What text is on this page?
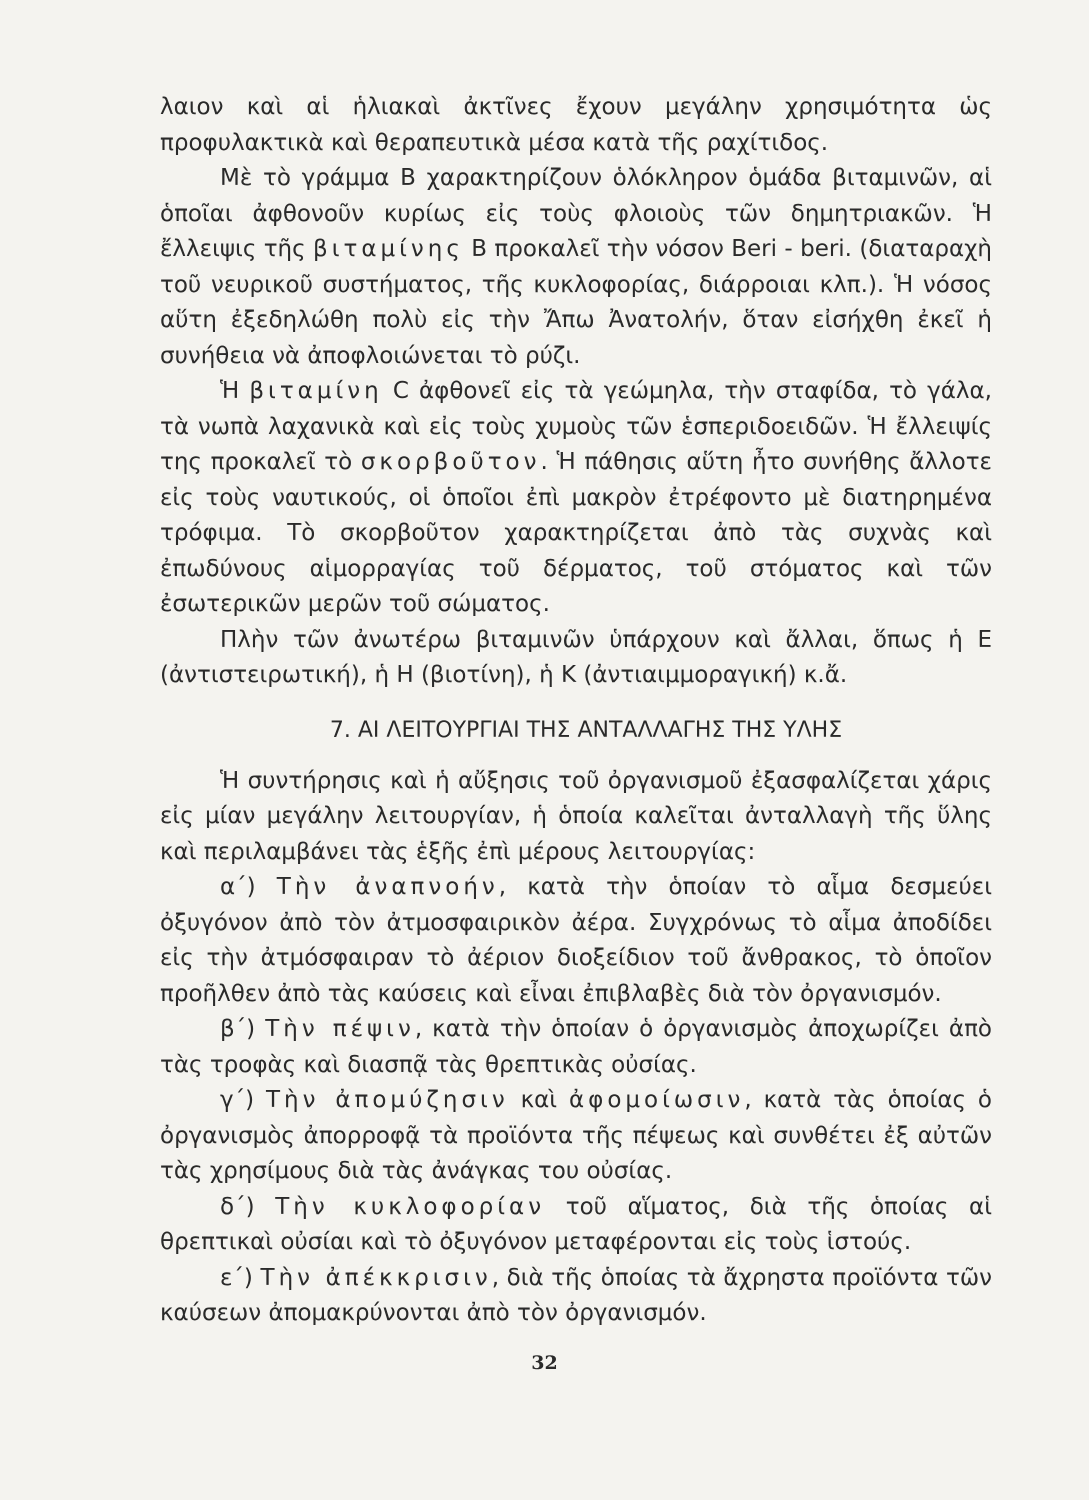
λαιον καὶ αἱ ἡλιακαὶ ἀκτῖνες ἔχουν μεγάλην χρησιμότητα ὡς προφυλακτικὰ καὶ θεραπευτικὰ μέσα κατὰ τῆς ραχίτιδος.

Μὲ τὸ γράμμα Β χαρακτηρίζουν ὁλόκληρον ὁμάδα βιταμινῶν, αἱ ὁποῖαι ἀφθονοῦν κυρίως εἰς τοὺς φλοιοὺς τῶν δημητριακῶν. Ἡ ἔλλειψις τῆς βιταμίνης Β προκαλεῖ τὴν νόσον Beri - beri. (διαταραχὴ τοῦ νευρικοῦ συστήματος, τῆς κυκλοφορίας, διάρροιαι κλπ.). Ἡ νόσος αὕτη ἐξεδηλώθη πολὺ εἰς τὴν Ἄπω Ἀνατολήν, ὅταν εἰσήχθη ἐκεῖ ἡ συνήθεια νὰ ἀποφλοιώνεται τὸ ρύζι.

Ἡ βιταμίνη C ἀφθονεῖ εἰς τὰ γεώμηλα, τὴν σταφίδα, τὸ γάλα, τὰ νωπὰ λαχανικὰ καὶ εἰς τοὺς χυμοὺς τῶν ἑσπεριδοειδῶν. Ἡ ἔλλειψίς της προκαλεῖ τὸ σκορβοῦτον. Ἡ πάθησις αὕτη ἦτο συνήθης ἄλλοτε εἰς τοὺς ναυτικούς, οἱ ὁποῖοι ἐπὶ μακρὸν ἐτρέφοντο μὲ διατηρημένα τρόφιμα. Τὸ σκορβοῦτον χαρακτηρίζεται ἀπὸ τὰς συχνὰς καὶ ἐπωδύνους αἱμορραγίας τοῦ δέρματος, τοῦ στόματος καὶ τῶν ἐσωτερικῶν μερῶν τοῦ σώματος.

Πλὴν τῶν ἀνωτέρω βιταμινῶν ὑπάρχουν καὶ ἄλλαι, ὅπως ἡ Ε (ἀντιστειρωτική), ἡ Η (βιοτίνη), ἡ Κ (ἀντιαιμμοραγική) κ.ἄ.

7. ΑΙ ΛΕΙΤΟΥΡΓΙΑΙ ΤΗΣ ΑΝΤΑΛΛΑΓΗΣ ΤΗΣ ΥΛΗΣ

Ἡ συντήρησις καὶ ἡ αὔξησις τοῦ ὀργανισμοῦ ἐξασφαλίζεται χάρις εἰς μίαν μεγάλην λειτουργίαν, ἡ ὁποία καλεῖται ἀνταλλαγὴ τῆς ὕλης καὶ περιλαμβάνει τὰς ἑξῆς ἐπὶ μέρους λειτουργίας:

α΄) Τὴν ἀναπνοήν, κατὰ τὴν ὁποίαν τὸ αἷμα δεσμεύει ὀξυγόνον ἀπὸ τὸν ἀτμοσφαιρικὸν ἀέρα. Συγχρόνως τὸ αἷμα ἀποδίδει εἰς τὴν ἀτμόσφαιραν τὸ ἀέριον διοξείδιον τοῦ ἄνθρακος, τὸ ὁποῖον προῆλθεν ἀπὸ τὰς καύσεις καὶ εἶναι ἐπιβλαβὲς διὰ τὸν ὀργανισμόν.

β΄) Τὴν πέψιν, κατὰ τὴν ὁποίαν ὁ ὀργανισμὸς ἀποχωρίζει ἀπὸ τὰς τροφὰς καὶ διασπᾷ τὰς θρεπτικὰς οὐσίας.

γ΄) Τὴν ἀπομύζησιν καὶ ἀφομοίωσιν, κατὰ τὰς ὁποίας ὁ ὀργανισμὸς ἀπορροφᾷ τὰ προϊόντα τῆς πέψεως καὶ συνθέτει ἐξ αὐτῶν τὰς χρησίμους διὰ τὰς ἀνάγκας του οὐσίας.

δ΄) Τὴν κυκλοφορίαν τοῦ αἵματος, διὰ τῆς ὁποίας αἱ θρεπτικαὶ οὐσίαι καὶ τὸ ὀξυγόνον μεταφέρονται εἰς τοὺς ἱστούς.

ε΄) Τὴν ἀπέκκρισιν, διὰ τῆς ὁποίας τὰ ἄχρηστα προϊόντα τῶν καύσεων ἀπομακρύνονται ἀπὸ τὸν ὀργανισμόν.

32
